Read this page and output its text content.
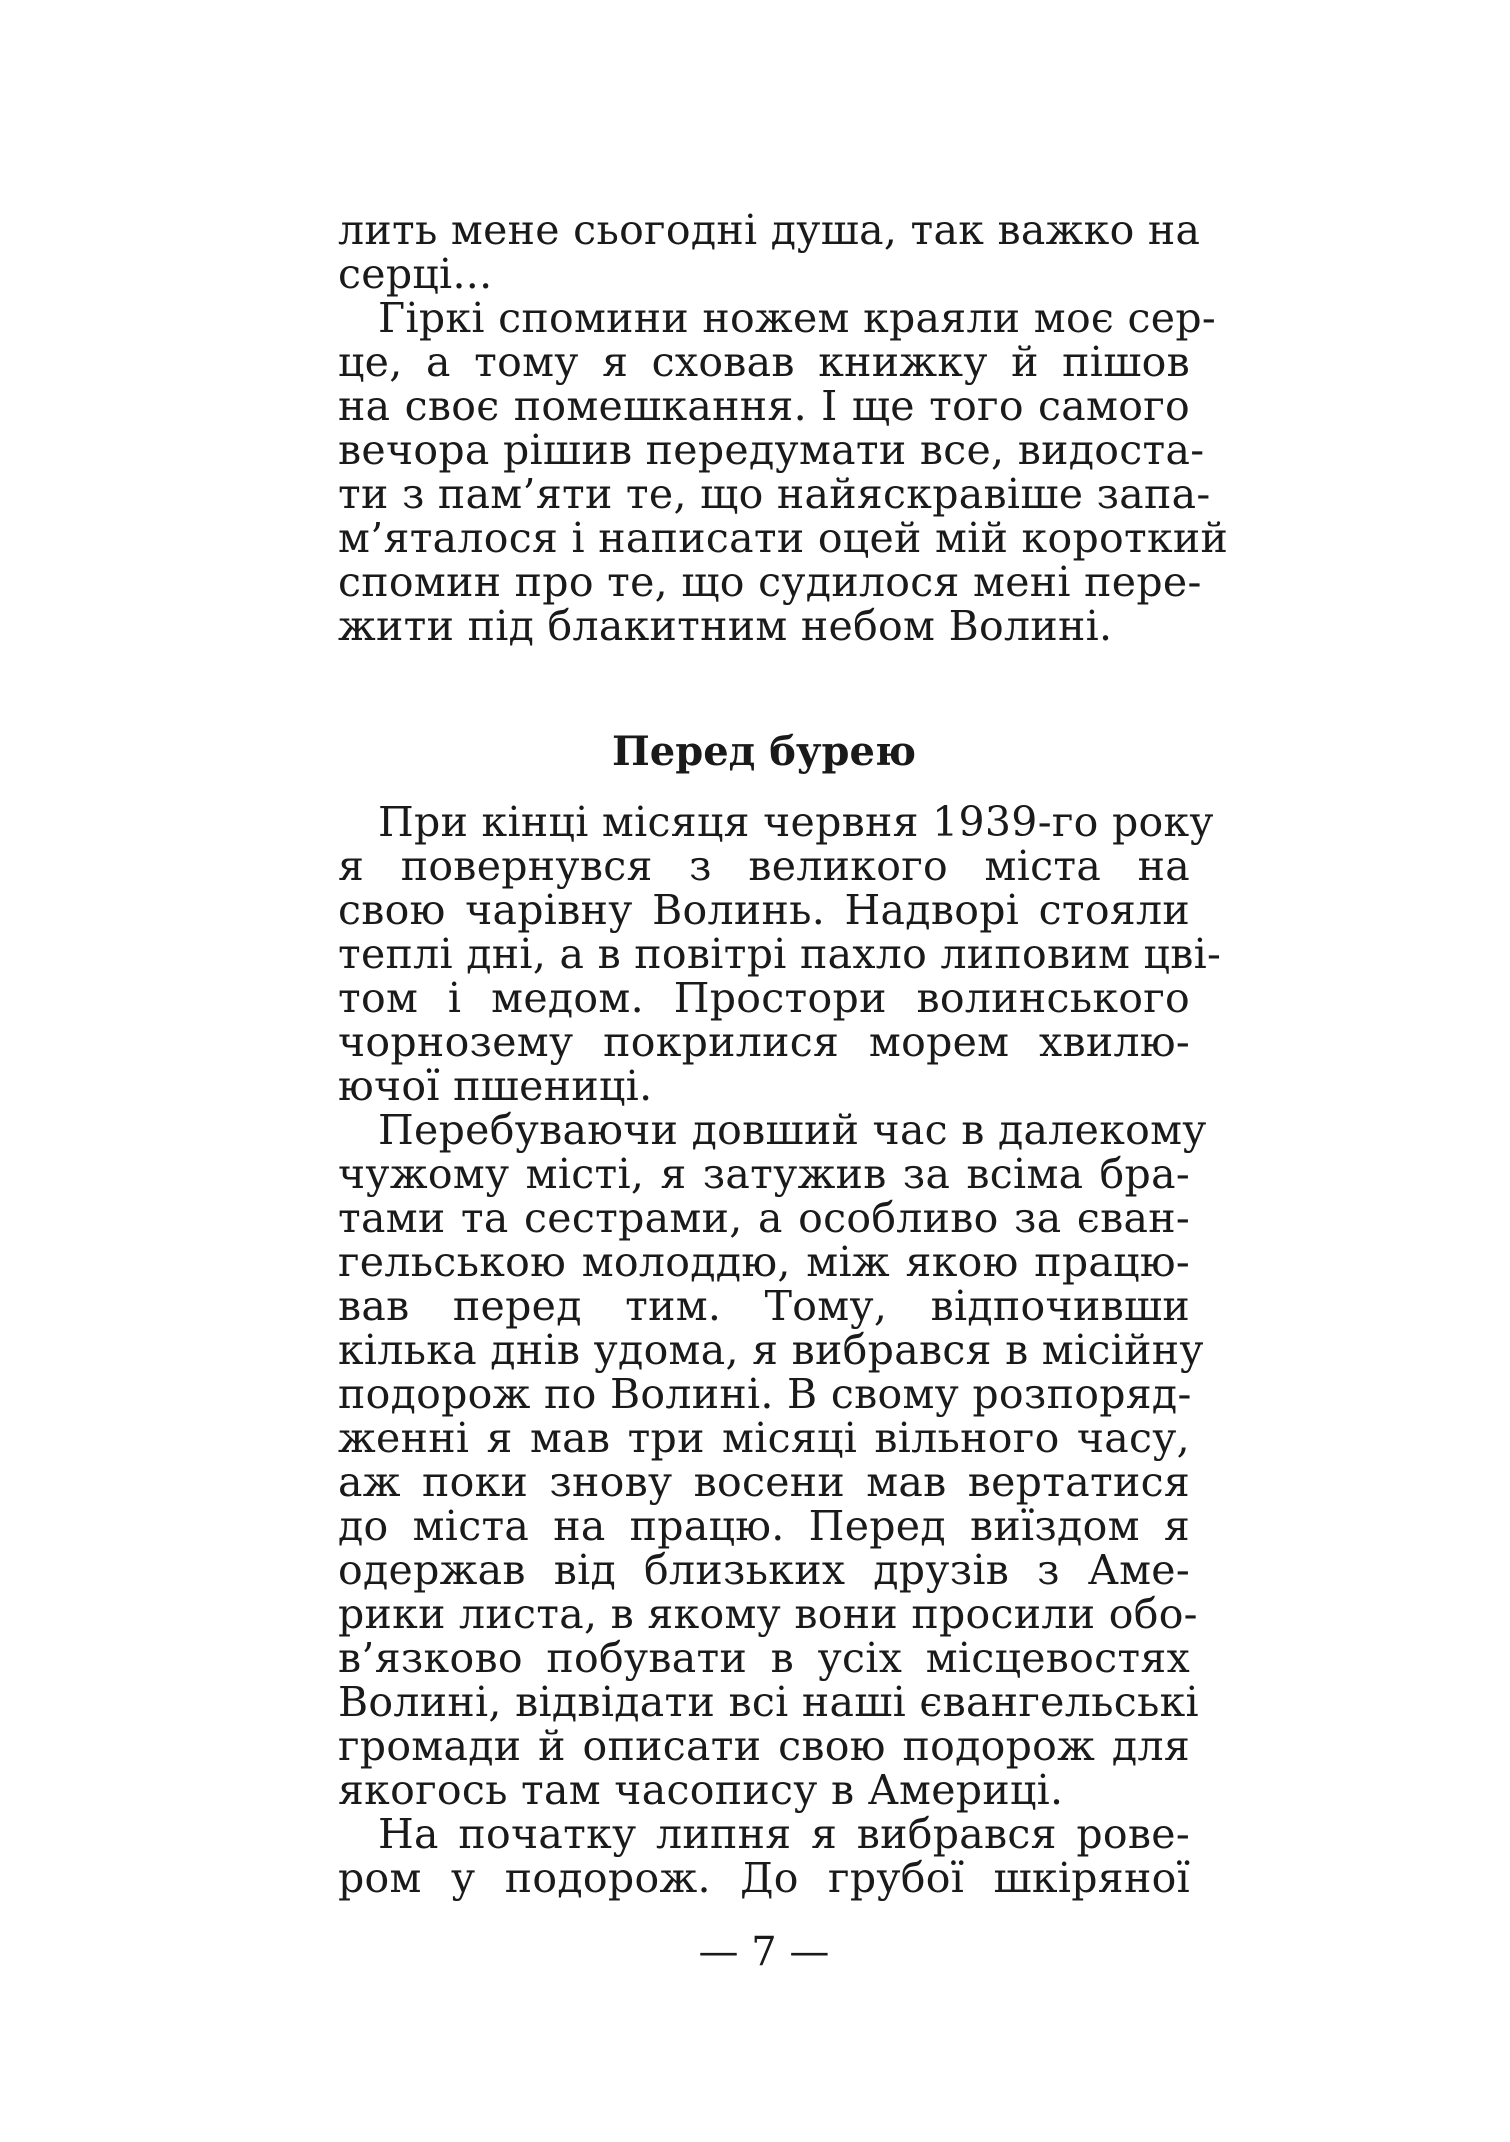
лить мене сьогодні душа, так важко на
серці...
Гіркі спомини ножем краяли моє сер-
це, а тому я сховав книжку й пішов
на своє помешкання. І ще того самого
вечора рішив передумати все, видоста-
ти з пам’яти те, що найяскравіше запа-
м’яталося і написати оцей мій короткий
спомин про те, що судилося мені пере-
жити під блакитним небом Волині.
Перед бурею
При кінці місяця червня 1939-го року
я повернувся з великого міста на
свою чарівну Волинь. Надворі стояли
теплі дні, а в повітрі пахло липовим цві-
том і медом. Простори волинського
чорнозему покрилися морем хвилю-
ючої пшениці.
Перебуваючи довший час в далекому
чужому місті, я затужив за всіма бра-
тами та сестрами, а особливо за єван-
гельською молоддю, між якою працю-
вав перед тим. Тому, відпочивши
кілька днів удома, я вибрався в місійну
подорож по Волині. В свому розпоряд-
женні я мав три місяці вільного часу,
аж поки знову восени мав вертатися
до міста на працю. Перед виїздом я
одержав від близьких друзів з Аме-
рики листа, в якому вони просили обо-
в’язково побувати в усіх місцевостях
Волині, відвідати всі наші євангельські
громади й описати свою подорож для
якогось там часопису в Америці.
На початку липня я вибрався рове-
ром у подорож. До грубої шкіряної
— 7 —
